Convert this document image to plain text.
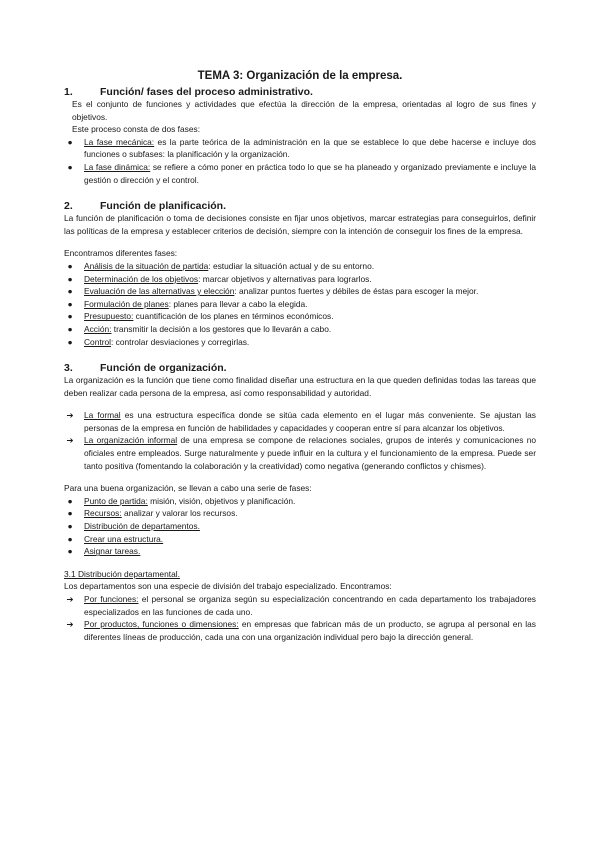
TEMA 3: Organización de la empresa.
1.	Función/ fases del proceso administrativo.

Es el conjunto de funciones y actividades que efectúa la dirección de la empresa, orientadas al logro de sus fines y objetivos.

Este proceso consta de dos fases:

●	La fase mecánica: es la parte teórica de la administración en la que se establece lo que debe hacerse e incluye dos funciones o subfases: la planificación y la organización.
●	La fase dinámica: se refiere a cómo poner en práctica todo lo que se ha planeado y organizado previamente e incluye la gestión o dirección y el control.
2.	Función de planificación.

La función de planificación o toma de decisiones consiste en fijar unos objetivos, marcar estrategias para conseguirlos, definir las políticas de la empresa y establecer criterios de decisión, siempre con la intención de conseguir los fines de la empresa.

Encontramos diferentes fases:

●	Análisis de la situación de partida: estudiar la situación actual y de su entorno.
●	Determinación de los objetivos: marcar objetivos y alternativas para lograrlos.
●	Evaluación de las alternativas y elección: analizar puntos fuertes y débiles de éstas para escoger la mejor.
●	Formulación de planes: planes para llevar a cabo la elegida.
●	Presupuesto: cuantificación de los planes en términos económicos.
●	Acción: transmitir la decisión a los gestores que lo llevarán a cabo.
●	Control: controlar desviaciones y corregirlas.
3.	Función de organización.

La organización es la función que tiene como finalidad diseñar una estructura en la que queden definidas todas las tareas que deben realizar cada persona de la empresa, así como responsabilidad y autoridad.

➔ La formal es una estructura específica donde se sitúa cada elemento en el lugar más conveniente. Se ajustan las personas de la empresa en función de habilidades y capacidades y cooperan entre sí para alcanzar los objetivos.
➔ La organización informal de una empresa se compone de relaciones sociales, grupos de interés y comunicaciones no oficiales entre empleados. Surge naturalmente y puede influir en la cultura y el funcionamiento de la empresa. Puede ser tanto positiva (fomentando la colaboración y la creatividad) como negativa (generando conflictos y chismes).

Para una buena organización, se llevan a cabo una serie de fases:

●	Punto de partida: misión, visión, objetivos y planificación.
●	Recursos: analizar y valorar los recursos.
●	Distribución de departamentos.
●	Crear una estructura.
●	Asignar tareas.

3.1 Distribución departamental.

Los departamentos son una especie de división del trabajo especializado. Encontramos:

➔ Por funciones: el personal se organiza según su especialización concentrando en cada departamento los trabajadores especializados en las funciones de cada uno.
➔ Por productos, funciones o dimensiones: en empresas que fabrican más de un producto, se agrupa al personal en las diferentes líneas de producción, cada una con una organización individual pero bajo la dirección general.
